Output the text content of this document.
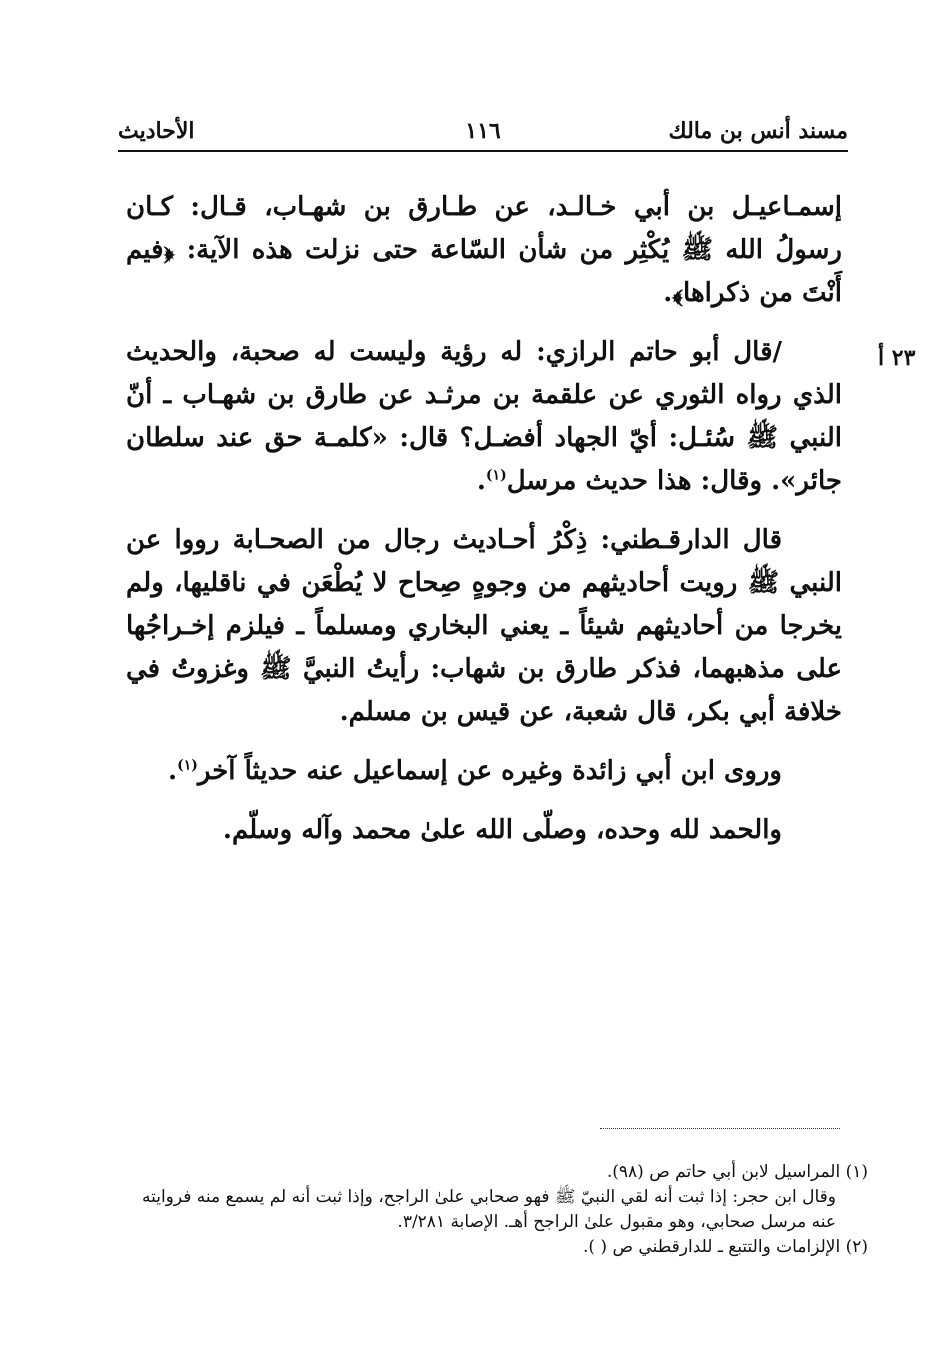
مسند أنس بن مالك
١١٦
الأحاديث
٢٣ أ

إسمـاعيـل بن أبي خـالـد، عن طـارق بن شهـاب، قـال: كـان رسولُ الله ﷺ يُكْثِر من شأن السّاعة حتى نزلت هذه الآية: ﴿فيم أَنْتَ من ذكراها﴾.

/قال أبو حاتم الرازي: له رؤية وليست له صحبة، والحديث الذي رواه الثوري عن علقمة بن مرثـد عن طارق بن شهـاب ـ أنّ النبي ﷺ سُئـل: أيّ الجهاد أفضـل؟ قال: «كلمـة حق عند سلطان جائر». وقال: هذا حديث مرسل$^{(١)}$.

قال الدارقـطني: ذِكْرُ أحـاديث رجال من الصحـابة رووا عن النبي ﷺ رويت أحاديثهم من وجوهٍ صِحاح لا يُطْعَن في ناقليها، ولم يخرجا من أحاديثهم شيئاً ـ يعني البخاري ومسلماً ـ فيلزم إخـراجُها على مذهبهما، فذكر طارق بن شهاب: رأيتُ النبيَّ ﷺ وغزوتُ في خلافة أبي بكر، قال شعبة، عن قيس بن مسلم.

وروى ابن أبي زائدة وغيره عن إسماعيل عنه حديثاً آخر$^{(١)}$.

والحمد لله وحده، وصلّى الله علىٰ محمد وآله وسلّم.

(١) المراسيل لابن أبي حاتم ص (٩٨).

وقال ابن حجر: إذا ثبت أنه لقي النبيّ ﷺ فهو صحابي علىٰ الراجح، وإذا ثبت أنه لم يسمع منه فروايته عنه مرسل صحابي، وهو مقبول علىٰ الراجح أهـ. الإصابة ٣/٢٨١.

(٢) الإلزامات والتتبع ـ للدارقطني ص ( ).
